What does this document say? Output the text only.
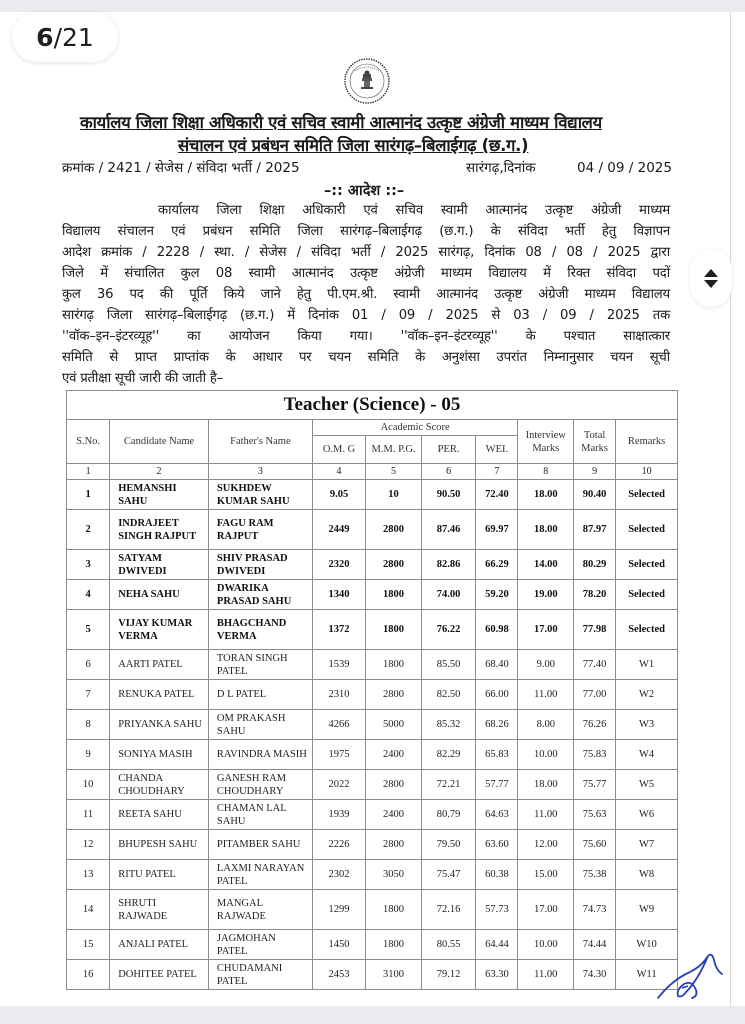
6 /21
कार्यालय जिला शिक्षा अधिकारी एवं सचिव स्वामी आत्मानंद उत्कृष्ट अंग्रेजी माध्यम विद्यालय
संचालन एवं प्रबंधन समिति जिला सारंगढ़–बिलाईगढ़ (छ.ग.)
क्रमांक / 2421 / सेजेस / संविदा भर्ती / 2025	सारंगढ़,दिनांक	04 / 09 / 2025
–:: आदेश ::–
कार्यालय जिला शिक्षा अधिकारी एवं सचिव स्वामी आत्मानंद उत्कृष्ट अंग्रेजी माध्यम
विद्यालय संचालन एवं प्रबंधन समिति जिला सारंगढ़–बिलाईगढ़ (छ.ग.) के संविदा भर्ती हेतु विज्ञापन
आदेश क्रमांक / 2228 / स्था. / सेजेस / संविदा भर्ती / 2025 सारंगढ़, दिनांक 08 / 08 / 2025 द्वारा
जिले में संचालित कुल 08 स्वामी आत्मानंद उत्कृष्ट अंग्रेजी माध्यम विद्यालय में रिक्त संविदा पदों
कुल 36 पद की पूर्ति किये जाने हेतु पी.एम.श्री. स्वामी आत्मानंद उत्कृष्ट अंग्रेजी माध्यम विद्यालय
सारंगढ़ जिला सारंगढ़–बिलाईगढ़ (छ.ग.) में दिनांक 01 / 09 / 2025 से 03 / 09 / 2025 तक
''वॉक–इन–इंटरव्यूह'' का आयोजन किया गया। ''वॉक–इन–इंटरव्यूह'' के पश्चात साक्षात्कार
समिति से प्राप्त प्राप्तांक के आधार पर चयन समिति के अनुशंसा उपरांत निम्नानुसार चयन सूची
एवं प्रतीक्षा सूची जारी की जाती है–
Teacher (Science) - 05									
S.No.	Candidate Name	Father's Name	Academic Score				Interview Marks	Total Marks	Remarks
			O.M. G	M.M. P.G.	PER.	WEI.			
1	2	3	4	5	6	7	8	9	10
1	HEMANSHI SAHU	SUKHDEW KUMAR SAHU	9.05	10	90.50	72.40	18.00	90.40	Selected
2	INDRAJEET SINGH RAJPUT	FAGU RAM RAJPUT	2449	2800	87.46	69.97	18.00	87.97	Selected
3	SATYAM DWIVEDI	SHIV PRASAD DWIVEDI	2320	2800	82.86	66.29	14.00	80.29	Selected
4	NEHA SAHU	DWARIKA PRASAD SAHU	1340	1800	74.00	59.20	19.00	78.20	Selected
5	VIJAY KUMAR VERMA	BHAGCHAND VERMA	1372	1800	76.22	60.98	17.00	77.98	Selected
6	AARTI PATEL	TORAN SINGH PATEL	1539	1800	85.50	68.40	9.00	77.40	W1
7	RENUKA PATEL	D L PATEL	2310	2800	82.50	66.00	11.00	77.00	W2
8	PRIYANKA SAHU	OM PRAKASH SAHU	4266	5000	85.32	68.26	8.00	76.26	W3
9	SONIYA MASIH	RAVINDRA MASIH	1975	2400	82.29	65.83	10.00	75.83	W4
10	CHANDA CHOUDHARY	GANESH RAM CHOUDHARY	2022	2800	72.21	57.77	18.00	75.77	W5
11	REETA SAHU	CHAMAN LAL SAHU	1939	2400	80.79	64.63	11.00	75.63	W6
12	BHUPESH SAHU	PITAMBER SAHU	2226	2800	79.50	63.60	12.00	75.60	W7
13	RITU PATEL	LAXMI NARAYAN PATEL	2302	3050	75.47	60.38	15.00	75.38	W8
14	SHRUTI RAJWADE	MANGAL RAJWADE	1299	1800	72.16	57.73	17.00	74.73	W9
15	ANJALI PATEL	JAGMOHAN PATEL	1450	1800	80.55	64.44	10.00	74.44	W10
16	DOHITEE PATEL	CHUDAMANI PATEL	2453	3100	79.12	63.30	11.00	74.30	W11
